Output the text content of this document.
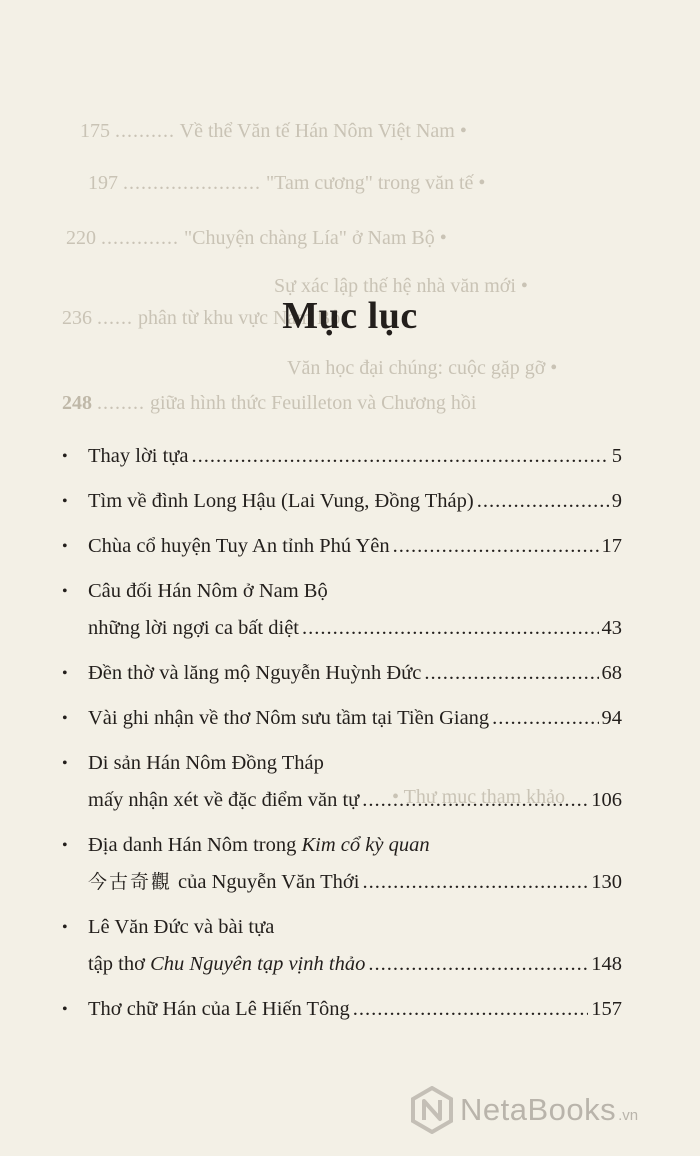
175 .......... Về thể Văn tế Hán Nôm Việt Nam •
197 ....................... "Tam cương" trong văn tế •
220 ............. "Chuyện chàng Lía" ở Nam Bộ •
Sự xác lập thế hệ nhà văn mới •
236 ...... phân từ khu vực Nam Bộ
Văn học đại chúng: cuộc gặp gỡ •
248 ........ giữa hình thức Feuilleton và Chương hồi
• Thư mục tham khảo
Mục lục
• Thay lời tựa .....	5
• Tìm về đình Long Hậu (Lai Vung, Đồng Tháp) .....	9
• Chùa cổ huyện Tuy An tỉnh Phú Yên .....	17
• Câu đối Hán Nôm ở Nam Bộ
những lời ngợi ca bất diệt .....	43
• Đền thờ và lăng mộ Nguyễn Huỳnh Đức .....	68
• Vài ghi nhận về thơ Nôm sưu tầm tại Tiền Giang .....	94
• Di sản Hán Nôm Đồng Tháp
mấy nhận xét về đặc điểm văn tự .....	106
• Địa danh Hán Nôm trong Kim cổ kỳ quan
今古奇觀 của Nguyễn Văn Thới .....	130
• Lê Văn Đức và bài tựa
tập thơ Chu Nguyên tạp vịnh thảo .....	148
• Thơ chữ Hán của Lê Hiến Tông .....	157
NetaBooks .vn
